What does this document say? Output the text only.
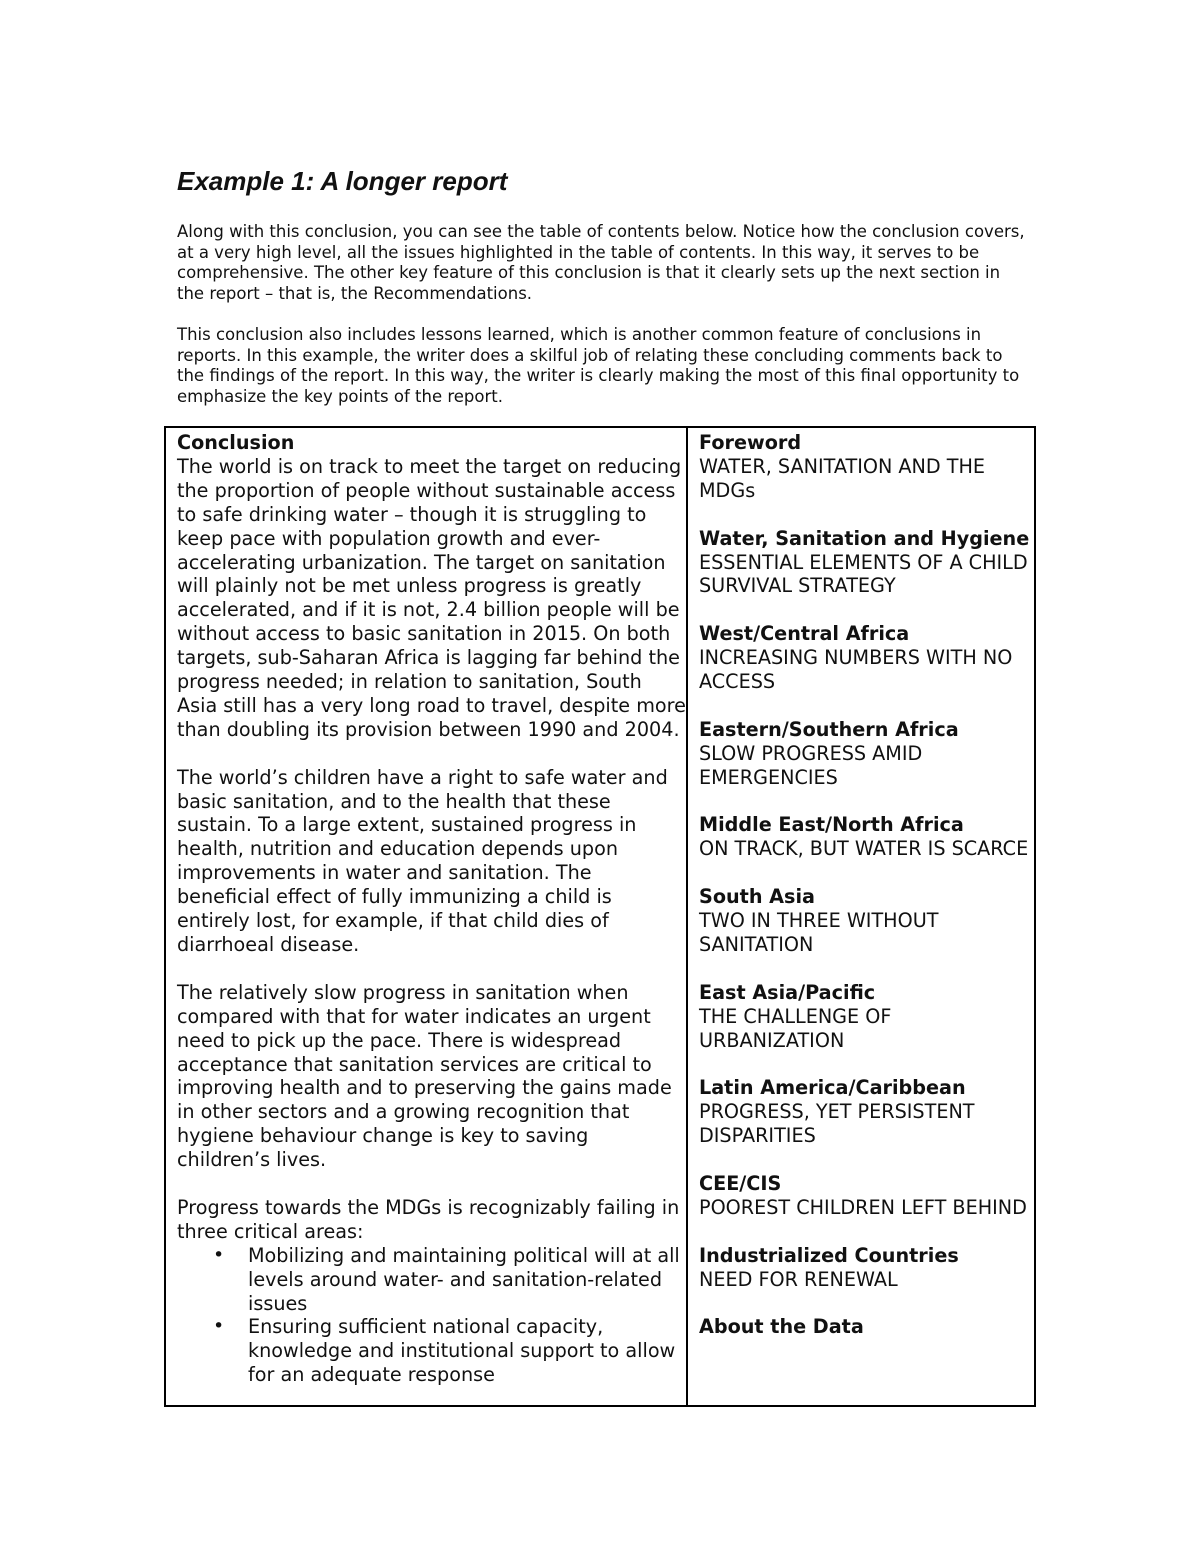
Example 1: A longer report

Along with this conclusion, you can see the table of contents below. Notice how the conclusion covers, at a very high level, all the issues highlighted in the table of contents. In this way, it serves to be comprehensive. The other key feature of this conclusion is that it clearly sets up the next section in the report – that is, the Recommendations.

This conclusion also includes lessons learned, which is another common feature of conclusions in reports. In this example, the writer does a skilful job of relating these concluding comments back to the findings of the report. In this way, the writer is clearly making the most of this final opportunity to emphasize the key points of the report.

Conclusion

The world is on track to meet the target on reducing the proportion of people without sustainable access to safe drinking water – though it is struggling to keep pace with population growth and ever-accelerating urbanization. The target on sanitation will plainly not be met unless progress is greatly accelerated, and if it is not, 2.4 billion people will be without access to basic sanitation in 2015. On both targets, sub-Saharan Africa is lagging far behind the progress needed; in relation to sanitation, South Asia still has a very long road to travel, despite more than doubling its provision between 1990 and 2004.

The world’s children have a right to safe water and basic sanitation, and to the health that these sustain. To a large extent, sustained progress in health, nutrition and education depends upon improvements in water and sanitation. The beneficial effect of fully immunizing a child is entirely lost, for example, if that child dies of diarrhoeal disease.

The relatively slow progress in sanitation when compared with that for water indicates an urgent need to pick up the pace. There is widespread acceptance that sanitation services are critical to improving health and to preserving the gains made in other sectors and a growing recognition that hygiene behaviour change is key to saving children’s lives.

Progress towards the MDGs is recognizably failing in three critical areas:

• Mobilizing and maintaining political will at all levels around water- and sanitation-related issues
• Ensuring sufficient national capacity, knowledge and institutional support to allow for an adequate response
Foreword
WATER, SANITATION AND THE MDGs
Water, Sanitation and Hygiene
ESSENTIAL ELEMENTS OF A CHILD SURVIVAL STRATEGY
West/Central Africa
INCREASING NUMBERS WITH NO ACCESS
Eastern/Southern Africa
SLOW PROGRESS AMID EMERGENCIES
Middle East/North Africa
ON TRACK, BUT WATER IS SCARCE
South Asia
TWO IN THREE WITHOUT SANITATION
East Asia/Pacific
THE CHALLENGE OF URBANIZATION
Latin America/Caribbean
PROGRESS, YET PERSISTENT DISPARITIES
CEE/CIS
POOREST CHILDREN LEFT BEHIND
Industrialized Countries
NEED FOR RENEWAL
About the Data
